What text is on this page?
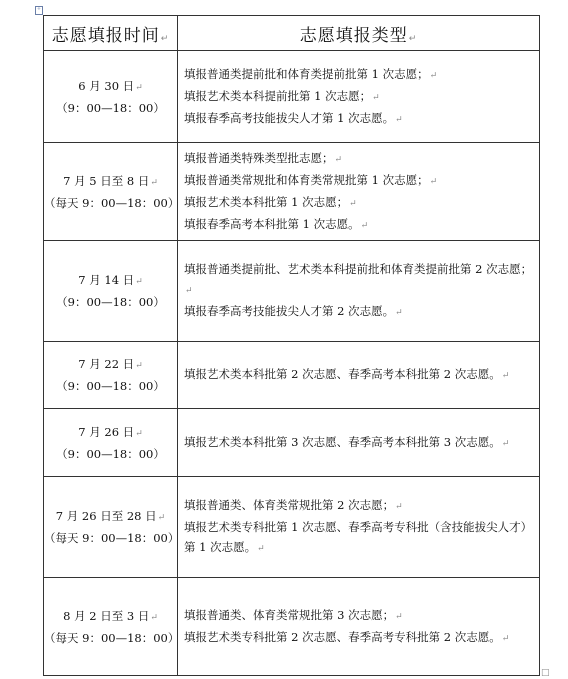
+
志愿填报时间↵	志愿填报类型↵

6 月 30 日↵
（9：00—18：00）	填报普通类提前批和体育类提前批第 1 次志愿；↵
填报艺术类本科提前批第 1 次志愿；↵
填报春季高考技能拔尖人才第 1 次志愿。↵

7 月 5 日至 8 日↵
（每天 9：00—18：00）	填报普通类特殊类型批志愿；↵
填报普通类常规批和体育类常规批第 1 次志愿；↵
填报艺术类本科批第 1 次志愿；↵
填报春季高考本科批第 1 次志愿。↵

7 月 14 日↵
（9：00—18：00）	填报普通类提前批、艺术类本科提前批和体育类提前批第 2 次志愿；↵
填报春季高考技能拔尖人才第 2 次志愿。↵

7 月 22 日↵
（9：00—18：00）	填报艺术类本科批第 2 次志愿、春季高考本科批第 2 次志愿。↵

7 月 26 日↵
（9：00—18：00）	填报艺术类本科批第 3 次志愿、春季高考本科批第 3 次志愿。↵

7 月 26 日至 28 日↵
（每天 9：00—18：00）	填报普通类、体育类常规批第 2 次志愿；↵
填报艺术类专科批第 1 次志愿、春季高考专科批（含技能拔尖人才）第 1 次志愿。↵

8 月 2 日至 3 日↵
（每天 9：00—18：00）	填报普通类、体育类常规批第 3 次志愿；↵
填报艺术类专科批第 2 次志愿、春季高考专科批第 2 次志愿。↵
□
